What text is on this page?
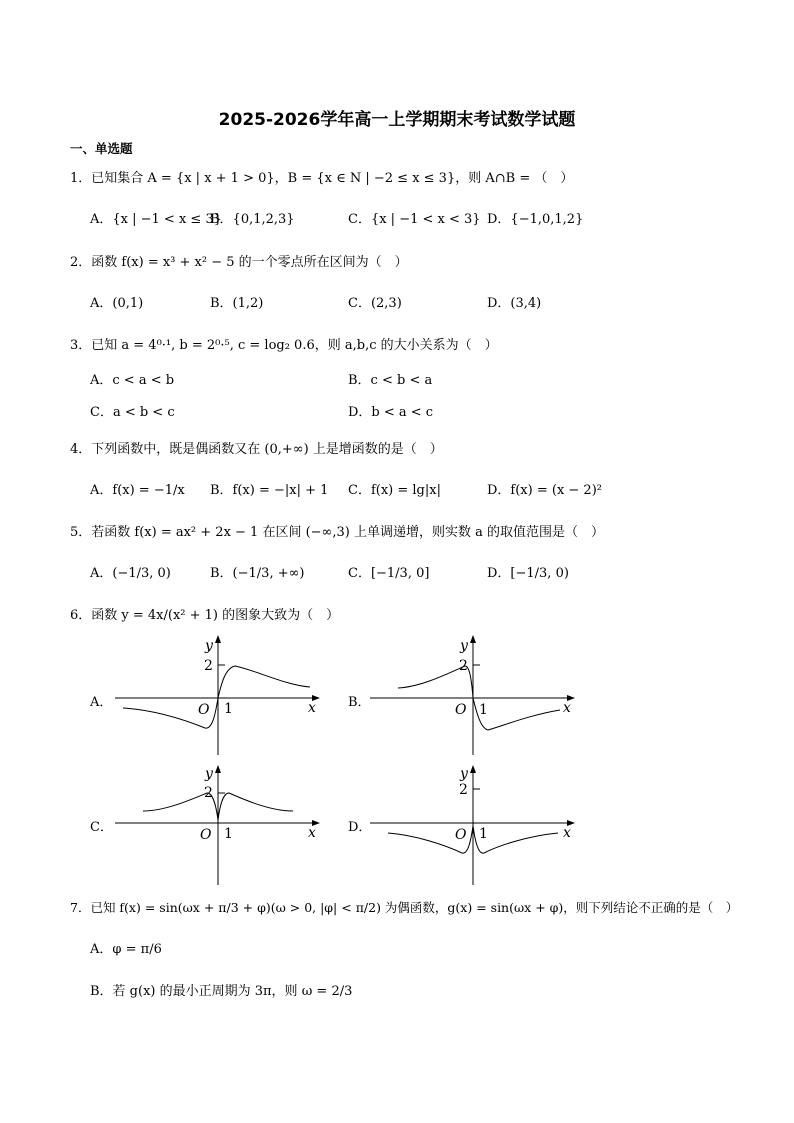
2025-2026学年高一上学期期末考试数学试题
一、单选题
1．已知集合 A = {x | x + 1 > 0}，B = {x ∈ N | −2 ≤ x ≤ 3}，则 A∩B = （　）
A．{x | −1 < x ≤ 3}
B．{0,1,2,3}	C．{x | −1 < x < 3} D．{−1,0,1,2}
2．函数 f(x) = x³ + x² − 5 的一个零点所在区间为（　）
A．(0,1)	B．(1,2)	C．(2,3)	D．(3,4)
3．已知 a = 4⁰·¹, b = 2⁰·⁵, c = log₂ 0.6，则 a,b,c 的大小关系为（　）
A．c < a < b	B．c < b < a
C．a < b < c	D．b < a < c
4．下列函数中，既是偶函数又在 (0,+∞) 上是增函数的是（　）
A．f(x) = −1/x B．f(x) = −|x| + 1 C．f(x) = lg|x|	D．f(x) = (x − 2)²
5．若函数 f(x) = ax² + 2x − 1 在区间 (−∞,3) 上单调递增，则实数 a 的取值范围是（　）
A．(−1/3, 0)	B．(−1/3, +∞)	C．[−1/3, 0]	D．[−1/3, 0)
6．函数 y = 4x/(x² + 1) 的图象大致为（　）
A．	B．
C．	D．
y
2
O 1	x
y
2
O 1	x
y
2
O 1	x
y
2
O 1	x
7．已知 f(x) = sin(ωx + π/3 + φ)(ω > 0, |φ| < π/2) 为偶函数，g(x) = sin(ωx + φ)，则下列结论不正确的是（　）
A．φ = π/6
B．若 g(x) 的最小正周期为 3π，则 ω = 2/3
